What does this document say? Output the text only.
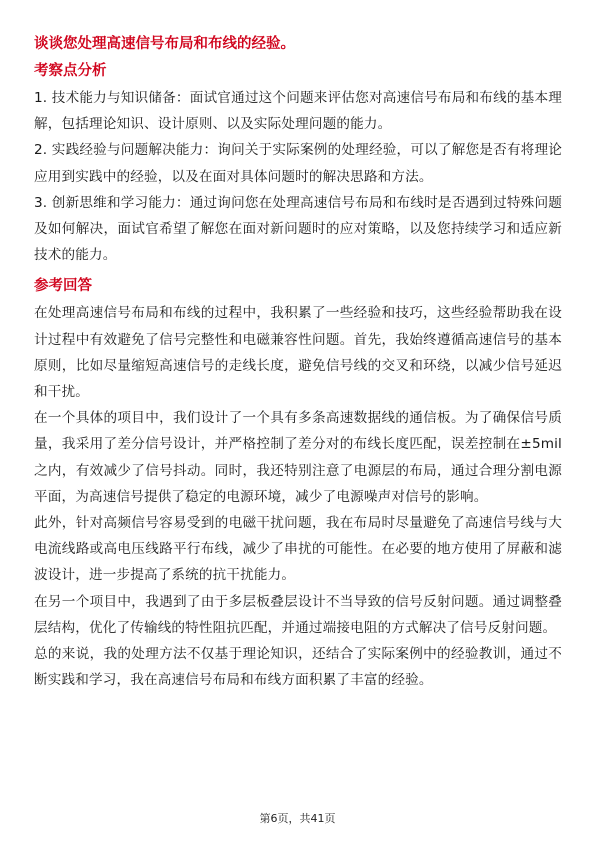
谈谈您处理高速信号布局和布线的经验。
考察点分析

1. 技术能力与知识储备：面试官通过这个问题来评估您对高速信号布局和布线的基本理解，包括理论知识、设计原则、以及实际处理问题的能力。

2. 实践经验与问题解决能力：询问关于实际案例的处理经验，可以了解您是否有将理论应用到实践中的经验，以及在面对具体问题时的解决思路和方法。

3. 创新思维和学习能力：通过询问您在处理高速信号布局和布线时是否遇到过特殊问题及如何解决，面试官希望了解您在面对新问题时的应对策略，以及您持续学习和适应新技术的能力。

参考回答

在处理高速信号布局和布线的过程中，我积累了一些经验和技巧，这些经验帮助我在设计过程中有效避免了信号完整性和电磁兼容性问题。首先，我始终遵循高速信号的基本原则，比如尽量缩短高速信号的走线长度，避免信号线的交叉和环绕，以减少信号延迟和干扰。

在一个具体的项目中，我们设计了一个具有多条高速数据线的通信板。为了确保信号质量，我采用了差分信号设计，并严格控制了差分对的布线长度匹配，误差控制在±5mil之内，有效减少了信号抖动。同时，我还特别注意了电源层的布局，通过合理分割电源平面，为高速信号提供了稳定的电源环境，减少了电源噪声对信号的影响。

此外，针对高频信号容易受到的电磁干扰问题，我在布局时尽量避免了高速信号线与大电流线路或高电压线路平行布线，减少了串扰的可能性。在必要的地方使用了屏蔽和滤波设计，进一步提高了系统的抗干扰能力。

在另一个项目中，我遇到了由于多层板叠层设计不当导致的信号反射问题。通过调整叠层结构，优化了传输线的特性阻抗匹配，并通过端接电阻的方式解决了信号反射问题。

总的来说，我的处理方法不仅基于理论知识，还结合了实际案例中的经验教训，通过不断实践和学习，我在高速信号布局和布线方面积累了丰富的经验。

第6页，共41页
